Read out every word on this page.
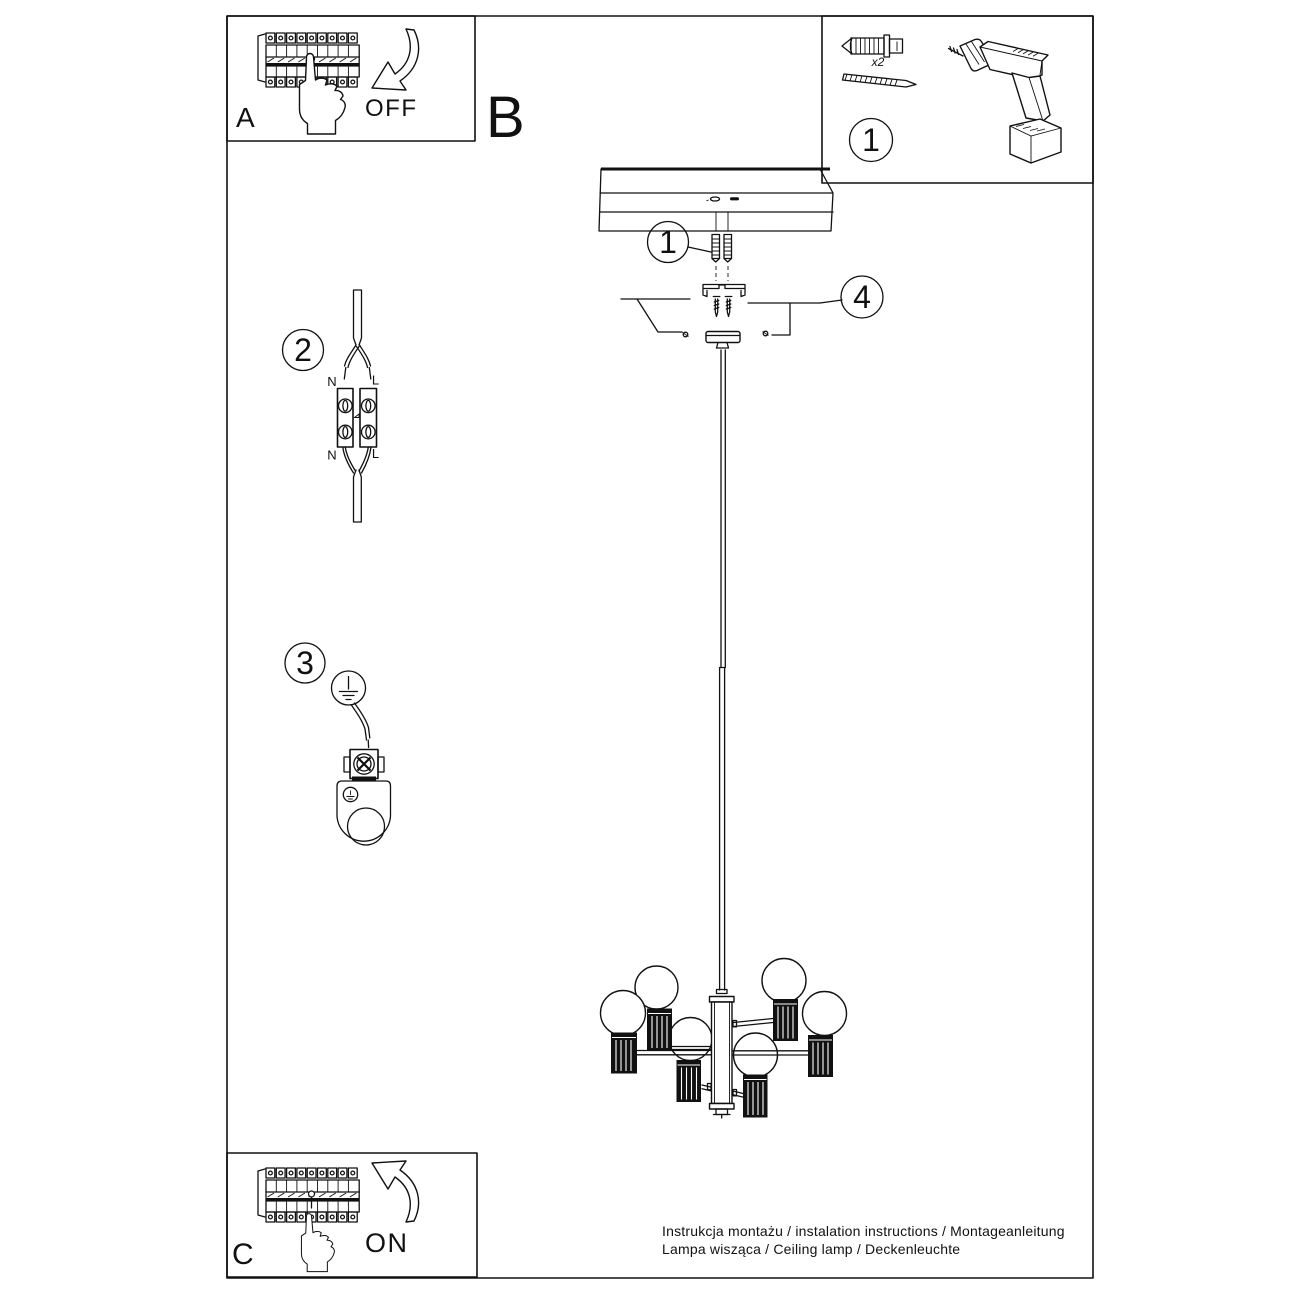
1
4
2
N	L
N	L
3
Instrukcja montażu / instalation instructions / Montageanleitung
Lampa wisząca / Ceiling lamp / Deckenleuchte
OFF
A	B
x2
1
ON
C
